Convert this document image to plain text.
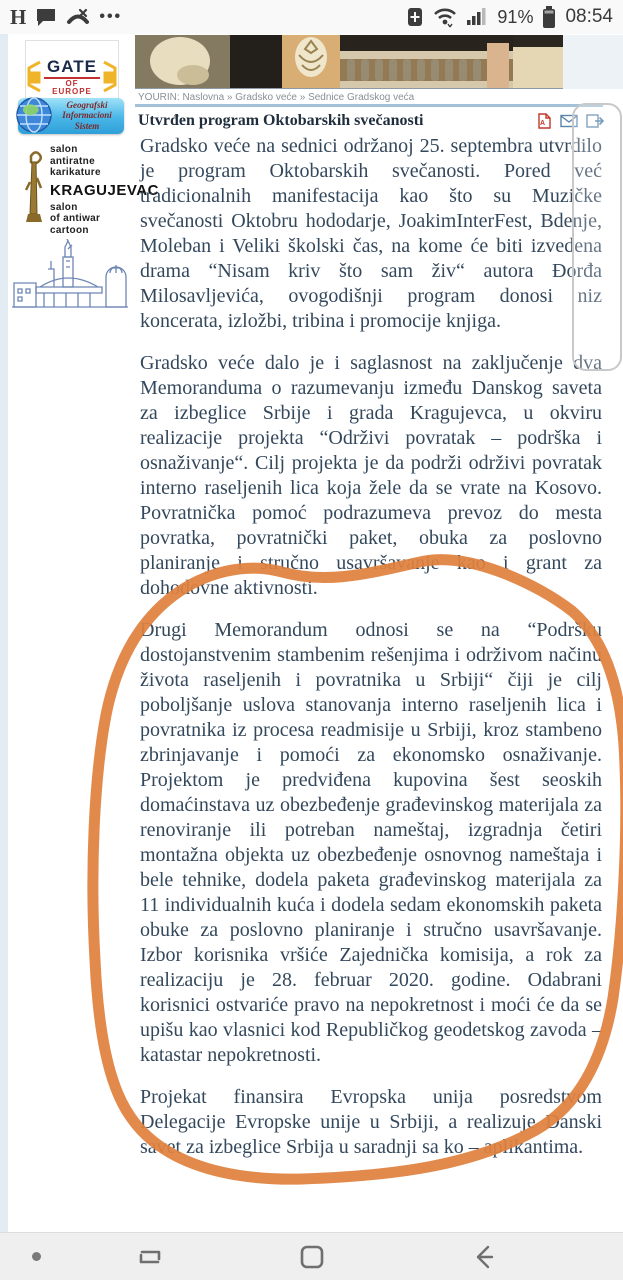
H	•••	91% 08:54
GATE
OF EUROPE
Geografski
Informacioni
Sistem
salon
antiratne
karikature
KRAGUJEVAC
salon
of antiwar
cartoon
YOURIN: Naslovna » Gradsko veće » Sednice Gradskog veća
Utvrđen program Oktobarskih svečanosti	A

Gradsko veće na sednici održanoj 25. septembra utvrdilo je program Oktobarskih svečanosti. Pored već tradicionalnih manifestacija kao što su Muzičke svečanosti Oktobru hododarje, JoakimInterFest, Bdenje, Moleban i Veliki školski čas, na kome će biti izvedena drama “Nisam kriv što sam živ“ autora Đorđa Milosavljevića, ovogodišnji program donosi niz koncerata, izložbi, tribina i promocije knjiga.

Gradsko veće dalo je i saglasnost na zaključenje dva Memoranduma o razumevanju između Danskog saveta za izbeglice Srbije i grada Kragujevca, u okviru realizacije projekta “Održivi povratak – podrška i osnaživanje“. Cilj projekta je da podrži održivi povratak interno raseljenih lica koja žele da se vrate na Kosovo. Povratnička pomoć podrazumeva prevoz do mesta povratka, povratnički paket, obuka za poslovno planiranje i stručno usavršavanje kao i grant za dohodovne aktivnosti.

Drugi Memorandum odnosi se na “Podršku dostojanstvenim stambenim rešenjima i održivom načinu života raseljenih i povratnika u Srbiji“ čiji je cilj poboljšanje uslova stanovanja interno raseljenih lica i povratnika iz procesa readmisije u Srbiji, kroz stambeno zbrinjavanje i pomoći za ekonomsko osnaživanje. Projektom je predviđena kupovina šest seoskih domaćinstava uz obezbeđenje građevinskog materijala za renoviranje ili potreban nameštaj, izgradnja četiri montažna objekta uz obezbeđenje osnovnog nameštaja i bele tehnike, dodela paketa građevinskog materijala za 11 individualnih kuća i dodela sedam ekonomskih paketa obuke za poslovno planiranje i stručno usavršavanje. Izbor korisnika vršiće Zajednička komisija, a rok za realizaciju je 28. februar 2020. godine. Odabrani korisnici ostvariće pravo na nepokretnost i moći će da se upišu kao vlasnici kod Republičkog geodetskog zavoda – katastar nepokretnosti.

Projekat finansira Evropska unija posredstvom Delegacije Evropske unije u Srbiji, a realizuje Danski savet za izbeglice Srbija u saradnji sa ko – aplikantima.
